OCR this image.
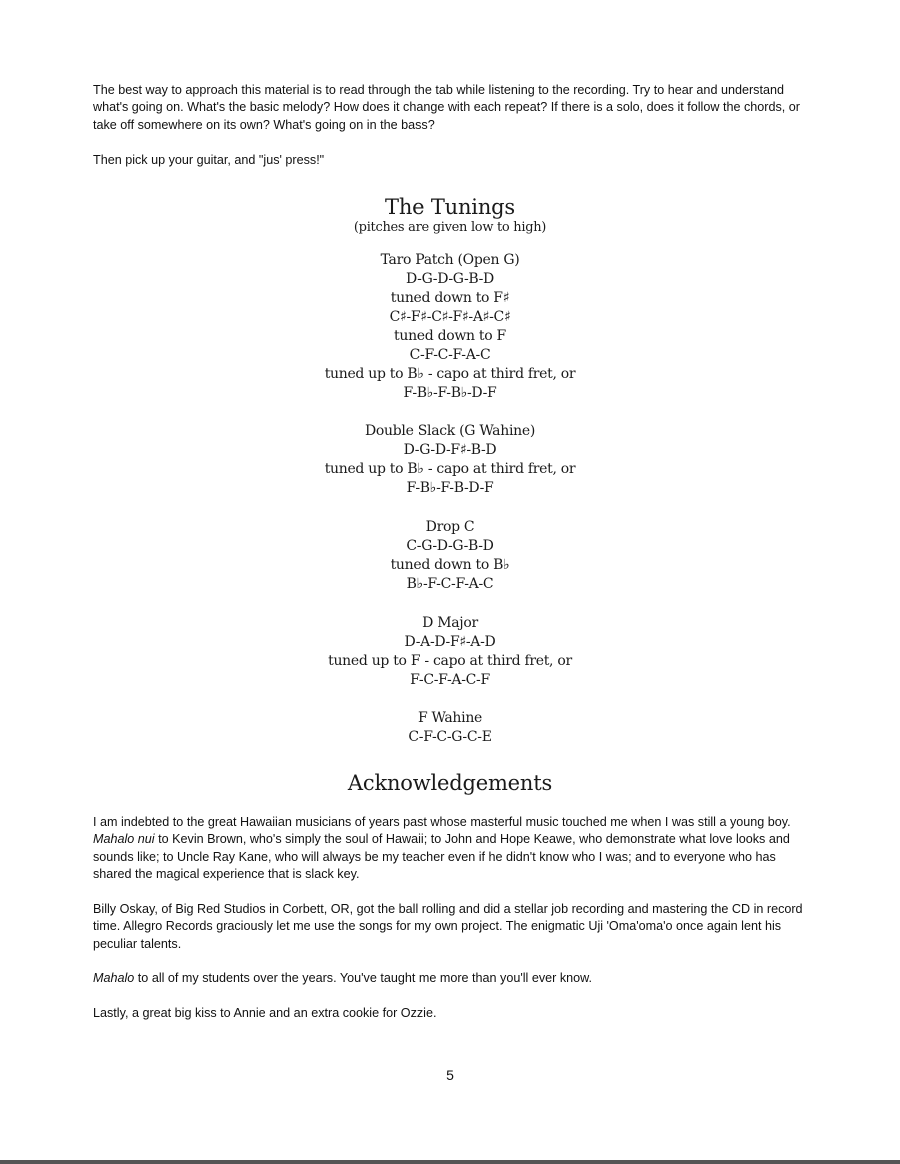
The best way to approach this material is to read through the tab while listening to the recording. Try to hear and understand what's going on. What's the basic melody? How does it change with each repeat? If there is a solo, does it follow the chords, or take off somewhere on its own? What's going on in the bass?

Then pick up your guitar, and "jus' press!"

The Tunings
(pitches are given low to high)
Taro Patch (Open G)
D-G-D-G-B-D
tuned down to F♯
C♯-F♯-C♯-F♯-A♯-C♯
tuned down to F
C-F-C-F-A-C
tuned up to B♭ - capo at third fret, or
F-B♭-F-B♭-D-F
Double Slack (G Wahine)
D-G-D-F♯-B-D
tuned up to B♭ - capo at third fret, or
F-B♭-F-B-D-F
Drop C
C-G-D-G-B-D
tuned down to B♭
B♭-F-C-F-A-C
D Major
D-A-D-F♯-A-D
tuned up to F - capo at third fret, or
F-C-F-A-C-F
F Wahine
C-F-C-G-C-E
Acknowledgements

I am indebted to the great Hawaiian musicians of years past whose masterful music touched me when I was still a young boy. Mahalo nui to Kevin Brown, who's simply the soul of Hawaii; to John and Hope Keawe, who demonstrate what love looks and sounds like; to Uncle Ray Kane, who will always be my teacher even if he didn't know who I was; and to everyone who has shared the magical experience that is slack key.

Billy Oskay, of Big Red Studios in Corbett, OR, got the ball rolling and did a stellar job recording and mastering the CD in record time. Allegro Records graciously let me use the songs for my own project. The enigmatic Uji 'Oma'oma'o once again lent his peculiar talents.

Mahalo to all of my students over the years. You've taught me more than you'll ever know.

Lastly, a great big kiss to Annie and an extra cookie for Ozzie.

5
